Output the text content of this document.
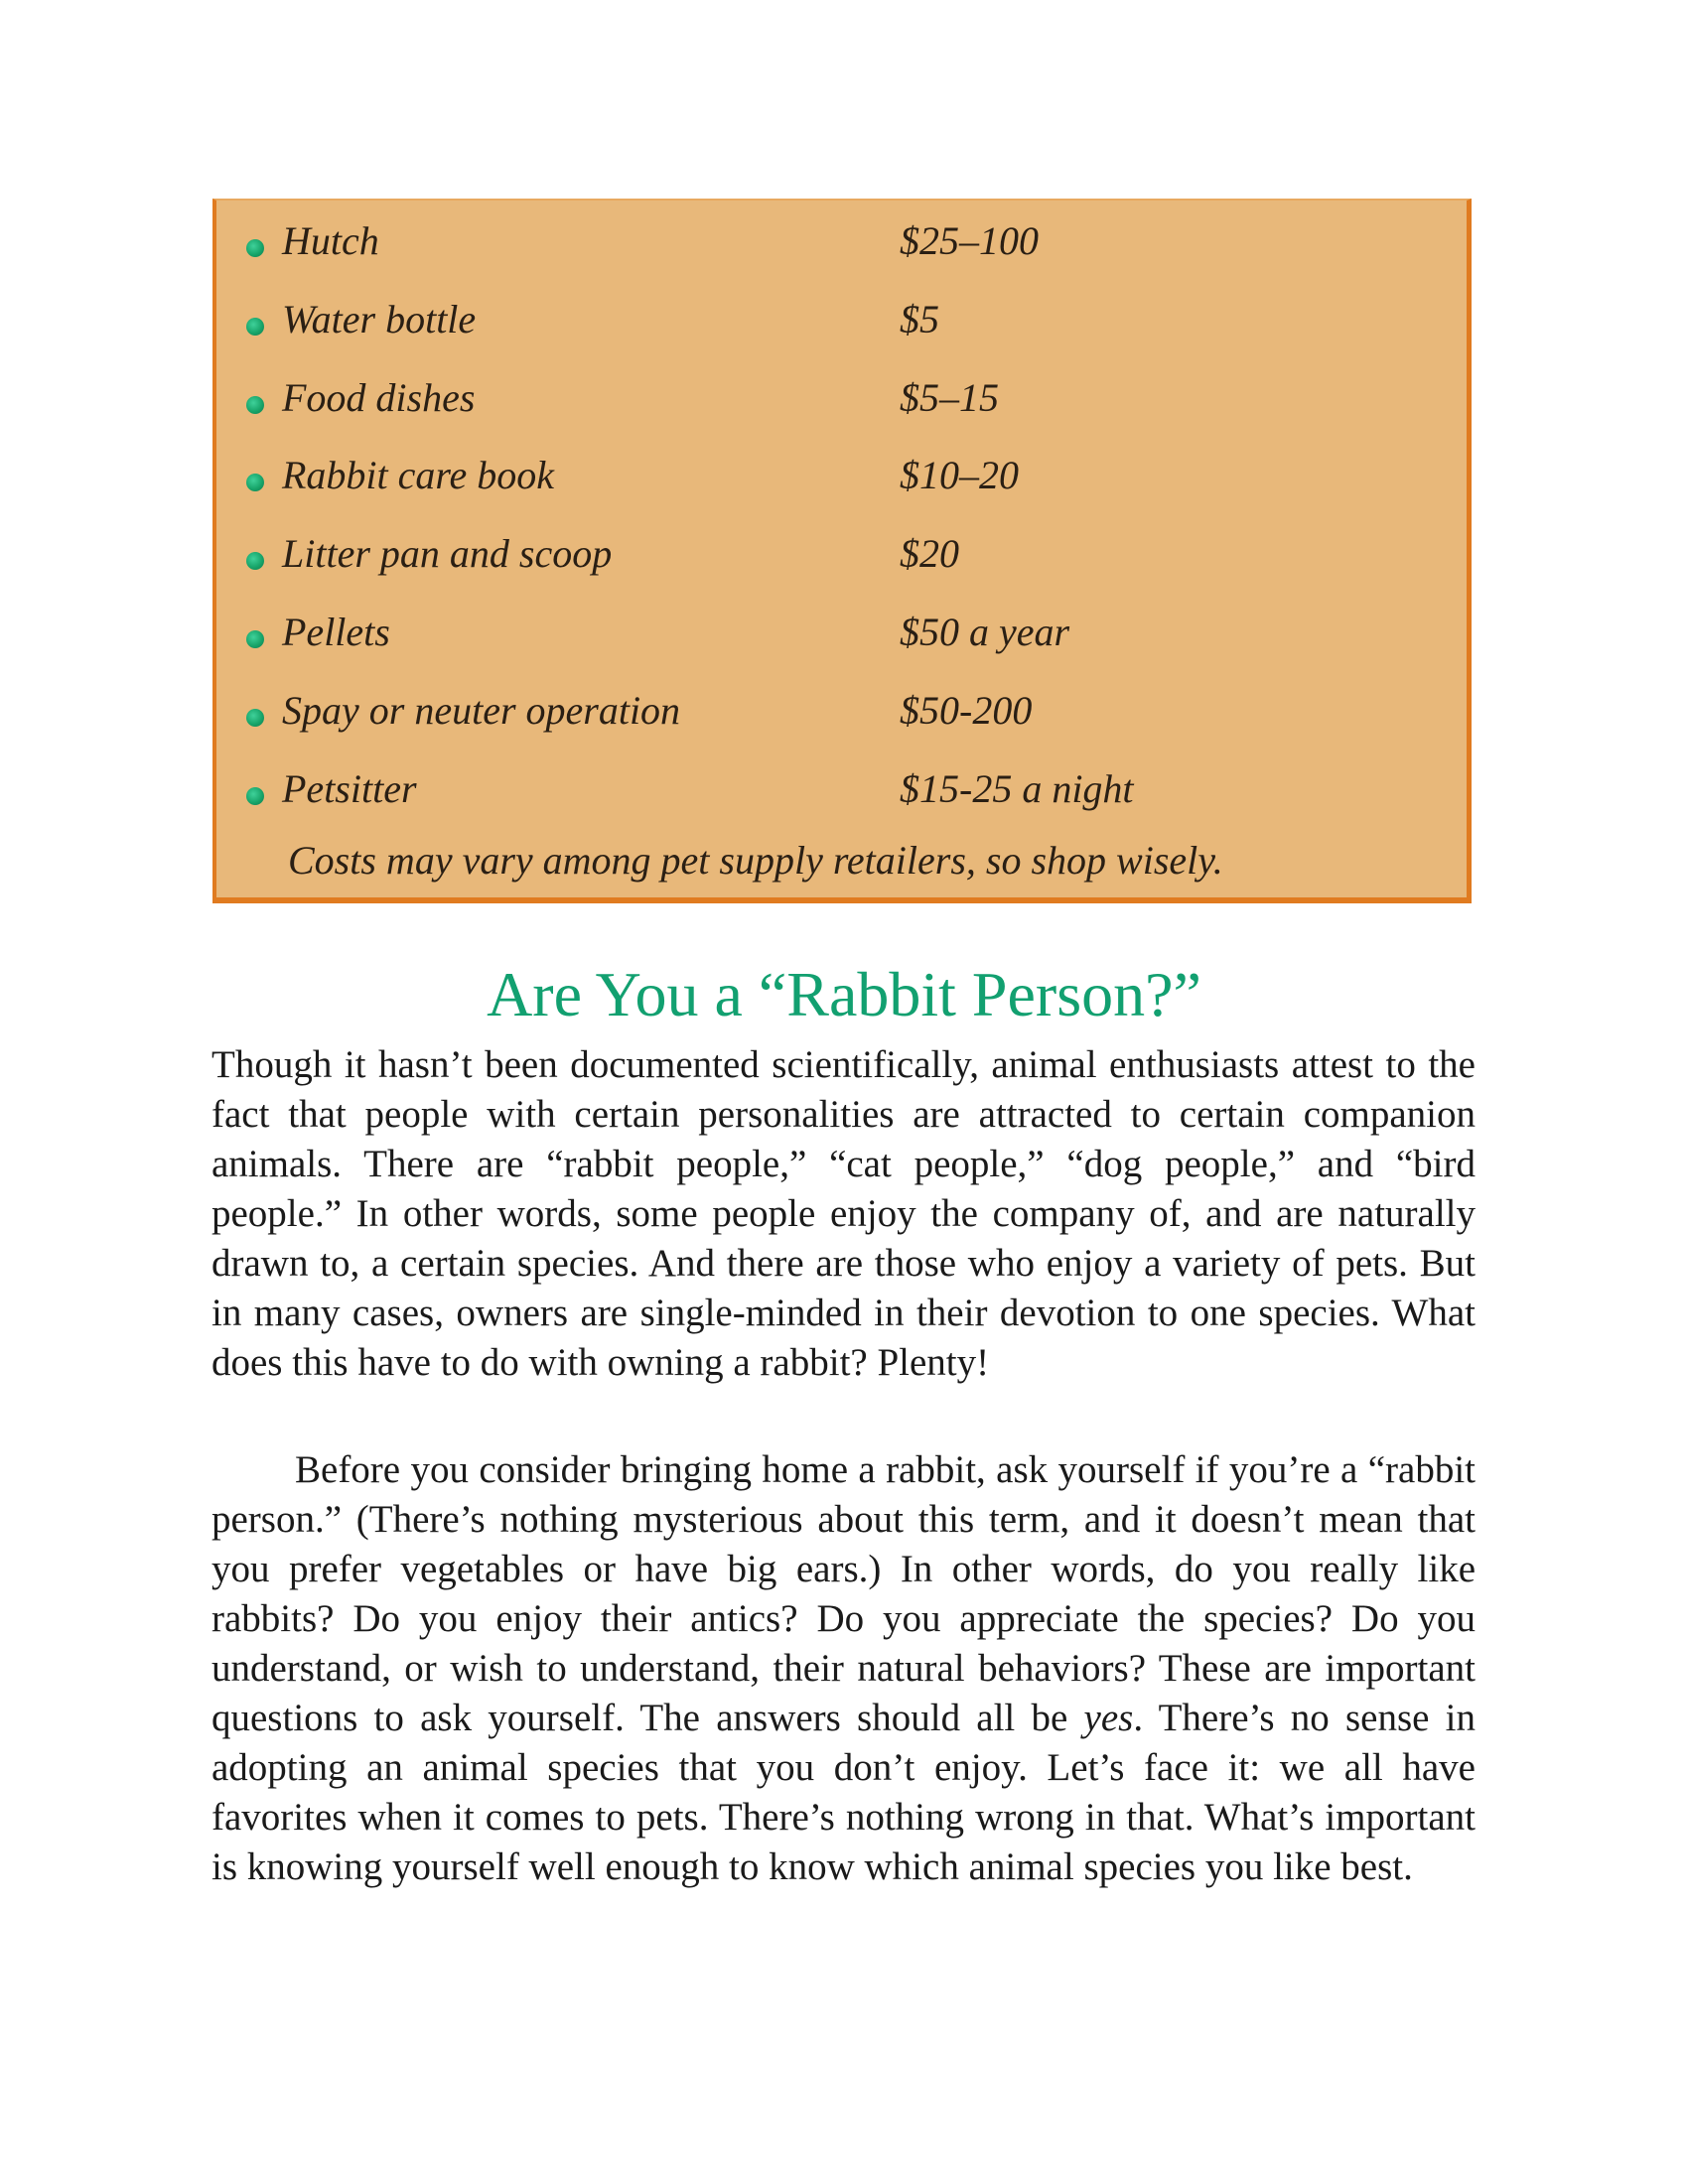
Hutch	$25–100
Water bottle	$5
Food dishes	$5–15
Rabbit care book	$10–20
Litter pan and scoop	$20
Pellets	$50 a year
Spay or neuter operation	$50-200
Petsitter	$15-25 a night
Costs may vary among pet supply retailers, so shop wisely.
Are You a “Rabbit Person?”

Though it hasn’t been documented scientifically, animal enthusiasts attest to the fact that people with certain personalities are attracted to certain companion animals. There are “rabbit people,” “cat people,” “dog people,” and “bird people.” In other words, some people enjoy the company of, and are naturally drawn to, a certain species. And there are those who enjoy a variety of pets. But in many cases, owners are single-minded in their devotion to one species. What does this have to do with owning a rabbit? Plenty!

Before you consider bringing home a rabbit, ask yourself if you’re a “rabbit person.” (There’s nothing mysterious about this term, and it doesn’t mean that you prefer vegetables or have big ears.) In other words, do you really like rabbits? Do you enjoy their antics? Do you appreciate the species? Do you understand, or wish to understand, their natural behaviors? These are important questions to ask yourself. The answers should all be yes. There’s no sense in adopting an animal species that you don’t enjoy. Let’s face it: we all have favorites when it comes to pets. There’s nothing wrong in that. What’s important is knowing yourself well enough to know which animal species you like best.
